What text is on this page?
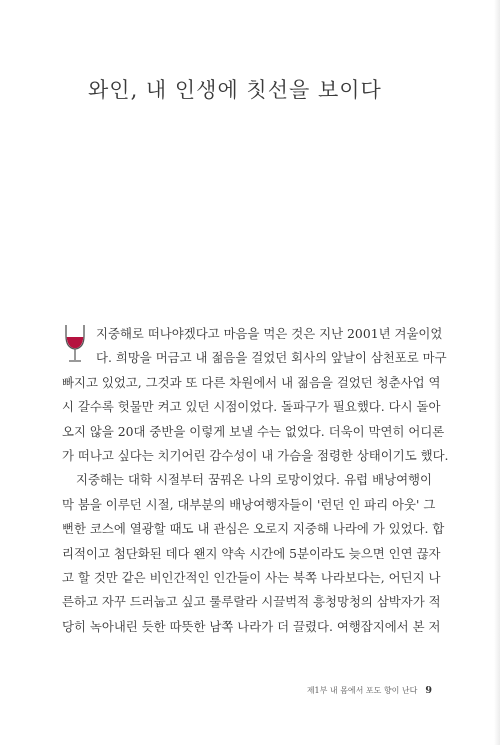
와인, 내 인생에 칫선을 보이다

지중해로 떠나야겠다고 마음을 먹은 것은 지난 2001년 겨울이었

다. 희망을 머금고 내 젊음을 걸었던 회사의 앞날이 삼천포로 마구

빠지고 있었고, 그것과 또 다른 차원에서 내 젊음을 걸었던 청춘사업 역

시 갈수록 헛물만 켜고 있던 시점이었다. 돌파구가 필요했다. 다시 돌아

오지 않을 20대 중반을 이렇게 보낼 수는 없었다. 더욱이 막연히 어디론

가 떠나고 싶다는 치기어린 감수성이 내 가슴을 점령한 상태이기도 했다.

지중해는 대학 시절부터 꿈꿔온 나의 로망이었다. 유럽 배낭여행이

막 붐을 이루던 시절, 대부분의 배낭여행자들이 '런던 인 파리 아웃' 그

뻔한 코스에 열광할 때도 내 관심은 오로지 지중해 나라에 가 있었다. 합

리적이고 첨단화된 데다 왠지 약속 시간에 5분이라도 늦으면 인연 끊자

고 할 것만 같은 비인간적인 인간들이 사는 북쪽 나라보다는, 어딘지 나

른하고 자꾸 드러눕고 싶고 룰루랄라 시끌벅적 흥청망청의 삼박자가 적

당히 녹아내린 듯한 따뜻한 남쪽 나라가 더 끌렸다. 여행잡지에서 본 저

제1부 내 몸에서 포도 향이 난다 9
